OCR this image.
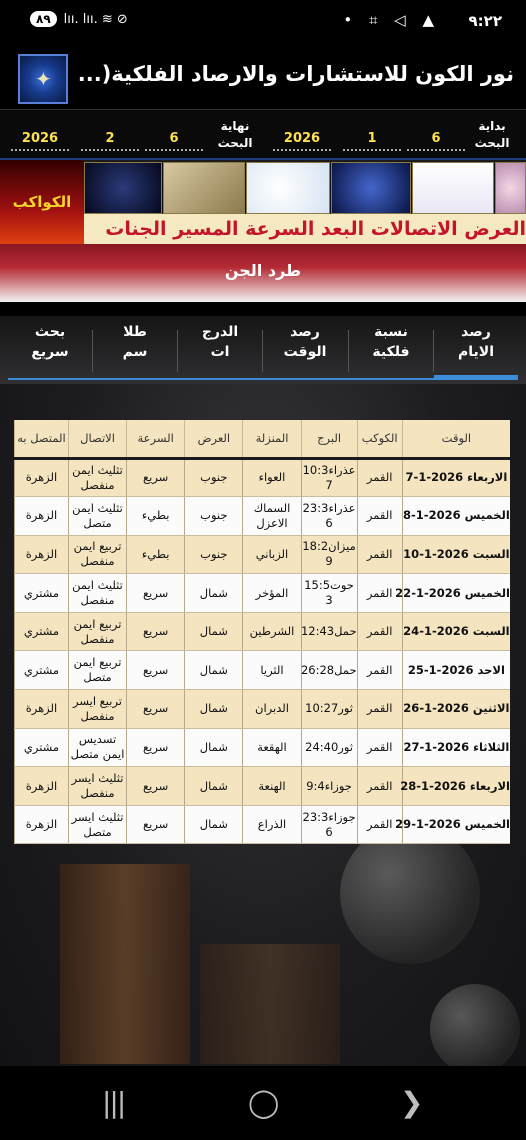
٨٩	lıı. lıı. ≋ ⊘	• ⌗ ◁ ▲ ٩:٢٢
✦
نور الكون للاستشارات والارصاد الفلكية(...
بداية
البحث
6
1
2026
نهاية
البحث
6
2
2026
العرض الاتصالات البعد السرعة المسير الجنات
الكواكب
طرد الجن
رصد
الايام
نسبة
فلكية
رصد
الوقت
الدرج
ات
طلا
سم
بحث
سريع
الوقت	الكوكب	البرج	المنزلة	العرض	السرعة	الاتصال	المتصل به
الاربعاء 2026-1-7	القمر	عذراء10:3 7	العواء	جنوب	سريع	تثليث ايمن منفصل	الزهرة
الخميس 2026-1-8	القمر	عذراء23:3 6	السماك الاعزل	جنوب	بطيء	تثليث ايمن متصل	الزهرة
السبت 2026-1-10	القمر	ميزان18:2 9	الزباني	جنوب	بطيء	تربيع ايمن منفصل	الزهرة
الخميس 2026-1-22	القمر	حوت15:5 3	المؤخر	شمال	سريع	تثليث ايمن منفصل	مشتري
السبت 2026-1-24	القمر	حمل12:43	الشرطين	شمال	سريع	تربيع ايمن منفصل	مشتري
الاحد 2026-1-25	القمر	حمل26:28	الثريا	شمال	سريع	تربيع ايمن متصل	مشتري
الاثنين 2026-1-26	القمر	ثور10:27	الدبران	شمال	سريع	تربيع ايسر منفصل	الزهرة
الثلاثاء 2026-1-27	القمر	ثور24:40	الهقعة	شمال	سريع	تسديس ايمن متصل	مشتري
الاربعاء 2026-1-28	القمر	جوزاء9:4	الهنعة	شمال	سريع	تثليث ايسر منفصل	الزهرة
الخميس 2026-1-29	القمر	جوزاء23:3 6	الذراع	شمال	سريع	تثليث ايسر متصل	الزهرة
|||	◯	❯
